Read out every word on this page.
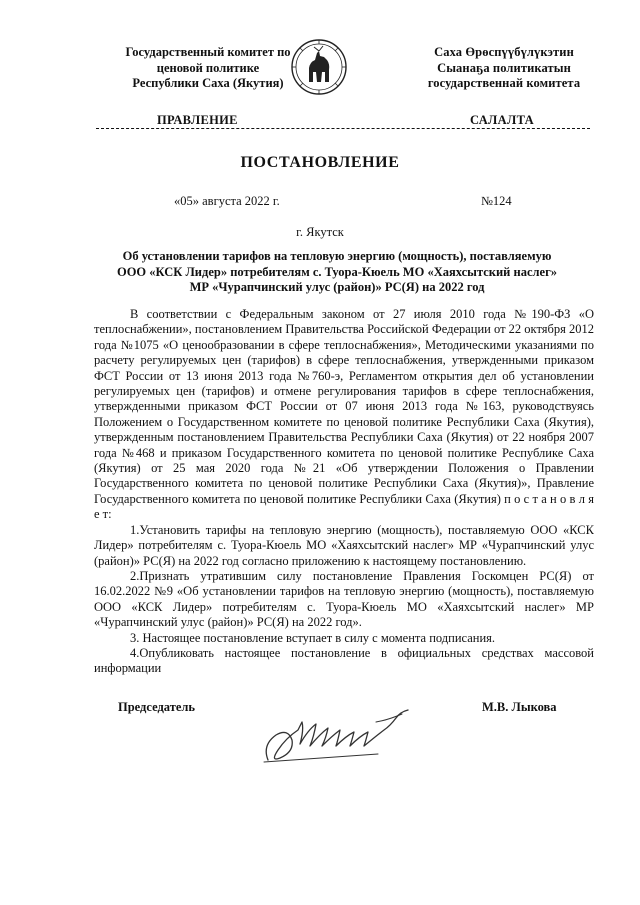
Государственный комитет по
ценовой политике
Республики Саха (Якутия)
Саха Өрөспүүбүлүкэтин
Сыанаҕа политикатын
государственнай комитета
ПРАВЛЕНИЕ	САЛАЛТА
ПОСТАНОВЛЕНИЕ
«05» августа 2022 г.	№124
г. Якутск
Об установлении тарифов на тепловую энергию (мощность), поставляемую
ООО «КСК Лидер» потребителям с. Туора-Кюель МО «Хаяхсытский наслег»
МР «Чурапчинский улус (район)» РС(Я) на 2022 год

В соответствии с Федеральным законом от 27 июля 2010 года №190-ФЗ «О теплоснабжении», постановлением Правительства Российской Федерации от 22 октября 2012 года №1075 «О ценообразовании в сфере теплоснабжения», Методическими указаниями по расчету регулируемых цен (тарифов) в сфере теплоснабжения, утвержденными приказом ФСТ России от 13 июня 2013 года №760-э, Регламентом открытия дел об установлении регулируемых цен (тарифов) и отмене регулирования тарифов в сфере теплоснабжения, утвержденными приказом ФСТ России от 07 июня 2013 года №163, руководствуясь Положением о Государственном комитете по ценовой политике Республики Саха (Якутия), утвержденным постановлением Правительства Республики Саха (Якутия) от 22 ноября 2007 года №468 и приказом Государственного комитета по ценовой политике Республике Саха (Якутия) от 25 мая 2020 года №21 «Об утверждении Положения о Правлении Государственного комитета по ценовой политике Республики Саха (Якутия)», Правление Государственного комитета по ценовой политике Республики Саха (Якутия) п о с т а н о в л я е т:

1.Установить тарифы на тепловую энергию (мощность), поставляемую ООО «КСК Лидер» потребителям с. Туора-Кюель МО «Хаяхсытский наслег» МР «Чурапчинский улус (район)» РС(Я) на 2022 год согласно приложению к настоящему постановлению.

2.Признать утратившим силу постановление Правления Госкомцен РС(Я) от 16.02.2022 №9 «Об установлении тарифов на тепловую энергию (мощность), поставляемую ООО «КСК Лидер» потребителям с. Туора-Кюель МО «Хаяхсытский наслег» МР «Чурапчинский улус (район)» РС(Я) на 2022 год».

3. Настоящее постановление вступает в силу с момента подписания.

4.Опубликовать настоящее постановление в официальных средствах массовой информации

Председатель	М.В. Лыкова
